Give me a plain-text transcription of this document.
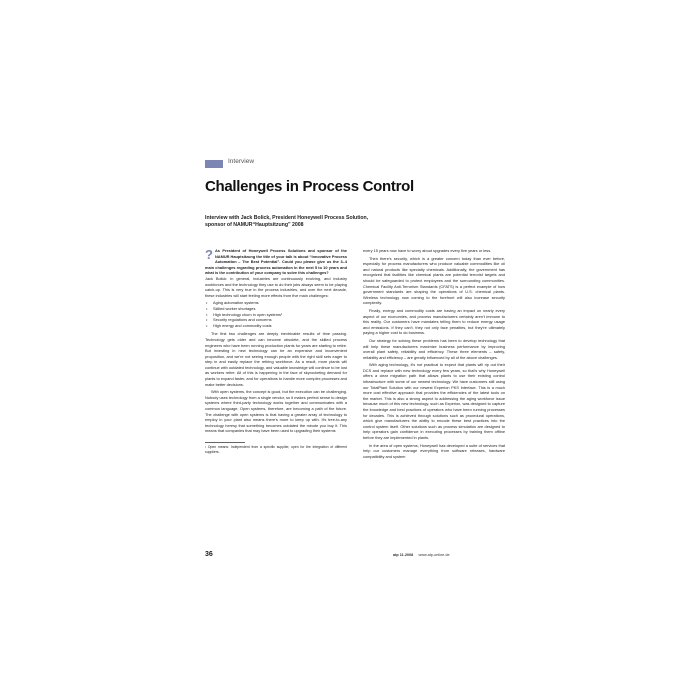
Interview
Challenges in Process Control
Interview with Jack Bolick, President Honeywell Process Solution, sponsor of NAMUR“Hauptsitzung” 2008
? As President of Honeywell Process Solutions and sponsor of the NAMUR Hauptsitzung the title of your talk is about “Innovative Process Automation – The Best Potential”. Could you please give us the 3–4 main challenges regarding process automation in the next 5 to 10 years and what is the contribution of your company to solve this challenges?
Jack Bolick: In general, industries are continuously evolving, and industry workforces and the technology they use to do their jobs always seem to be playing catch-up. This is very true in the process industries, and over the next decade, these industries will start feeling more effects from five main challenges:
• Aging automation systems
• Skilled worker shortages
• High technology churn in open systems¹
• Security regulations and concerns
• High energy and commodity costs
The first two challenges are deeply inextricable results of time passing. Technology gets older and can become obsolete, and the skilled process engineers who have been running production plants for years are starting to retire. But investing in new technology can be an expensive and inconvenient proposition, and we're not seeing enough people with the right skill sets eager to step in and easily replace the retiring workforce. As a result, more plants will continue with outdated technology, and valuable knowledge will continue to be lost as workers retire. All of this is happening in the face of skyrocketing demand for plants to expand faster, and for operations to handle more complex processes and make better decisions.
With open systems, the concept is good, but the execution can be challenging. Nobody uses technology from a single vendor, so it makes perfect sense to design systems where third-party technology works together and communicates with a common language. Open systems, therefore, are becoming a path of the future. The challenge with open systems is that having a greater array of technology to employ in your plant also means there's more to keep up with. It's tree-to-any technology heresy that something becomes outdated the minute you buy it. This means that companies that may have been used to upgrading their systems
¹ Open means: Independent from a specific supplier, open for the integration of different suppliers.
every 15 years now have to worry about upgrades every five years or less.
Then there's security, which is a greater concern today than ever before, especially for process manufacturers who produce valuable commodities like oil and natural products like specialty chemicals. Additionally, the government has recognized that facilities like chemical plants are potential terrorist targets and should be safeguarded to protect employees and the surrounding communities. Chemical Facility Anti-Terrorism Standards (CFATS) is a perfect example of how government standards are shaping the operations of U.S. chemical plants. Wireless technology now coming to the forefront will also increase security complexity.
Finally, energy and commodity costs are having an impact on nearly every aspect of our economies, and process manufacturers certainly aren't immune to this reality. Our customers have mandates telling them to reduce energy usage and emissions. If they can't, they not only face penalties, but they're ultimately paying a higher cost to do business.
Our strategy for solving these problems has been to develop technology that will help these manufacturers maximize business performance by improving overall plant safety, reliability and efficiency. These three elements – safety, reliability and efficiency – are greatly influenced by all of the above challenges.
With aging technology, it's not practical to expect that plants will rip out their DCS and replace with new technology every few years, so that's why Honeywell offers a clear migration path that allows plants to use their existing control infrastructure with some of our newest technology. We have customers still using our TotalPlant Solution with our newest Experion PKS Interface. This is a much more cost effective approach that provides the efficiencies of the latest tools on the market. This is also a strong aspect to addressing the aging workforce issue because much of this new technology, such as Experion, was designed to capture the knowledge and best practices of operators who have been running processes for decades. This is achieved through solutions such as procedural operations, which give manufacturers the ability to encode these best practices into the control system itself. Other solutions such as process simulation are designed to help operators gain confidence in executing processes by training them offline before they are implemented in plants.
In the area of open systems, Honeywell has developed a suite of services that help our customers manage everything from software releases, hardware compatibility and system
36	atp 11.2008 www.atp-online.de
